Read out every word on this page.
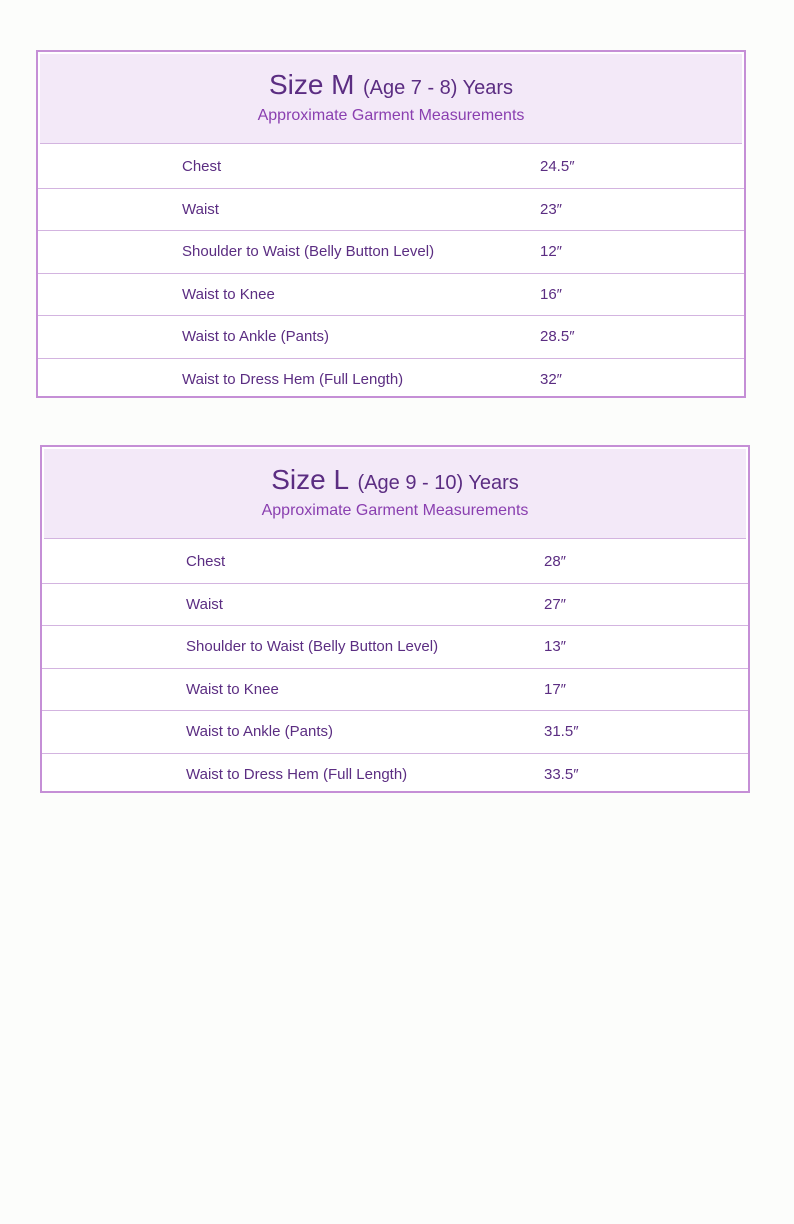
Size M (Age 7 - 8) Years
Approximate Garment Measurements
Chest	24.5″
Waist	23″
Shoulder to Waist (Belly Button Level)	12″
Waist to Knee	16″
Waist to Ankle (Pants)	28.5″
Waist to Dress Hem (Full Length)	32″
Size L (Age 9 - 10) Years
Approximate Garment Measurements
Chest	28″
Waist	27″
Shoulder to Waist (Belly Button Level)	13″
Waist to Knee	17″
Waist to Ankle (Pants)	31.5″
Waist to Dress Hem (Full Length)	33.5″
